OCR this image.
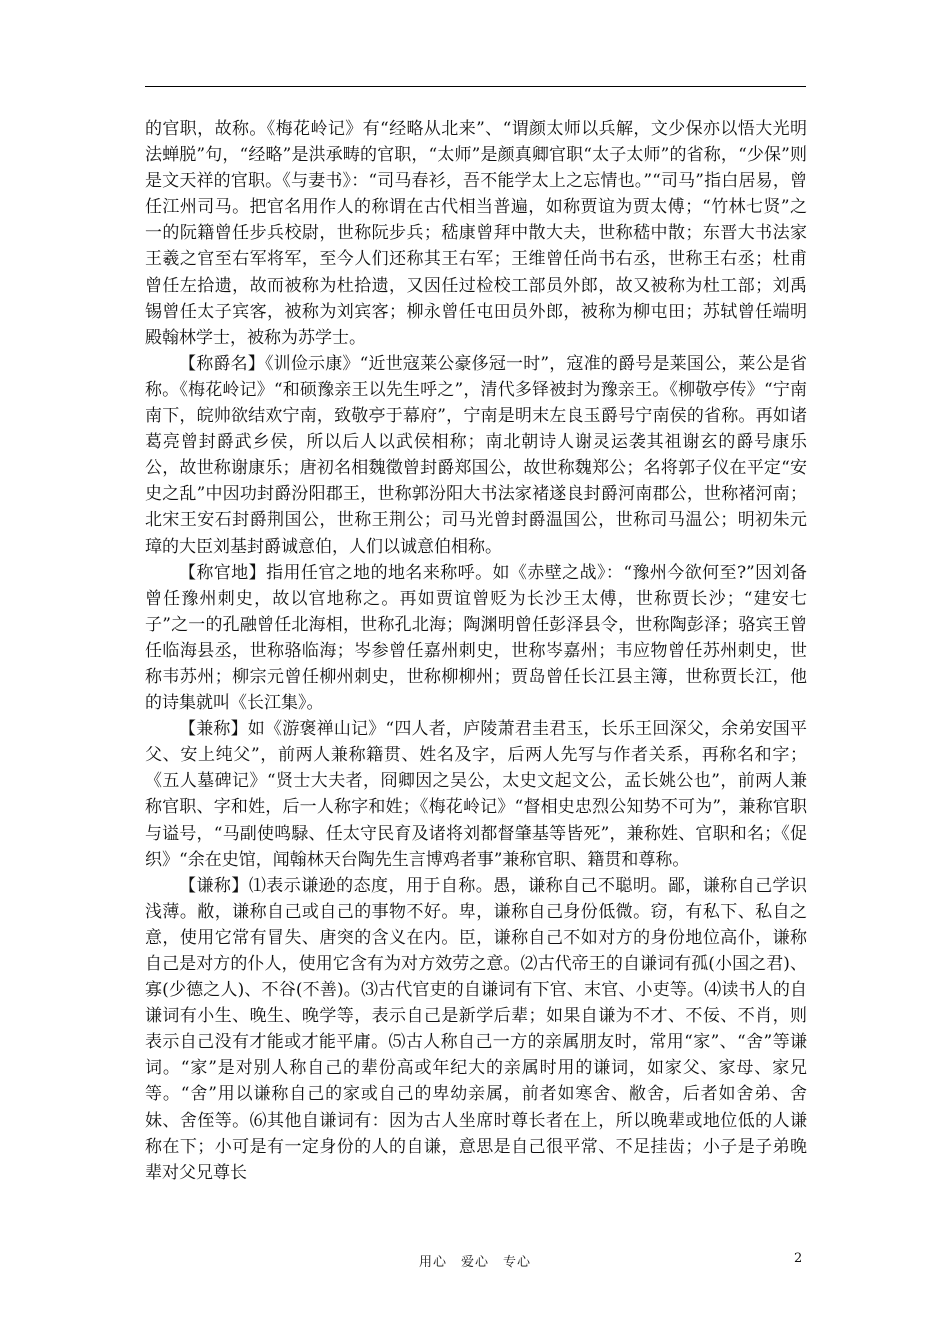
的官职，故称。《梅花岭记》有“经略从北来”、“谓颜太师以兵解，文少保亦以悟大光明法蝉脱”句，“经略”是洪承畴的官职，“太师”是颜真卿官职“太子太师”的省称，“少保”则是文天祥的官职。《与妻书》：“司马春衫，吾不能学太上之忘情也。”“司马”指白居易，曾任江州司马。把官名用作人的称谓在古代相当普遍，如称贾谊为贾太傅；“竹林七贤”之一的阮籍曾任步兵校尉，世称阮步兵；嵇康曾拜中散大夫，世称嵇中散；东晋大书法家王羲之官至右军将军，至今人们还称其王右军；王维曾任尚书右丞，世称王右丞；杜甫曾任左拾遗，故而被称为杜拾遗，又因任过检校工部员外郎，故又被称为杜工部；刘禹锡曾任太子宾客，被称为刘宾客；柳永曾任屯田员外郎，被称为柳屯田；苏轼曾任端明殿翰林学士，被称为苏学士。

【称爵名】《训俭示康》“近世寇莱公豪侈冠一时”，寇准的爵号是莱国公，莱公是省称。《梅花岭记》“和硕豫亲王以先生呼之”，清代多铎被封为豫亲王。《柳敬亭传》“宁南南下，皖帅欲结欢宁南，致敬亭于幕府”，宁南是明末左良玉爵号宁南侯的省称。再如诸葛亮曾封爵武乡侯，所以后人以武侯相称；南北朝诗人谢灵运袭其祖谢玄的爵号康乐公，故世称谢康乐；唐初名相魏徵曾封爵郑国公，故世称魏郑公；名将郭子仪在平定“安史之乱”中因功封爵汾阳郡王，世称郭汾阳大书法家褚遂良封爵河南郡公，世称褚河南；北宋王安石封爵荆国公，世称王荆公；司马光曾封爵温国公，世称司马温公；明初朱元璋的大臣刘基封爵诚意伯，人们以诚意伯相称。

【称官地】指用任官之地的地名来称呼。如《赤壁之战》：“豫州今欲何至?”因刘备曾任豫州刺史，故以官地称之。再如贾谊曾贬为长沙王太傅，世称贾长沙；“建安七子”之一的孔融曾任北海相，世称孔北海；陶渊明曾任彭泽县令，世称陶彭泽；骆宾王曾任临海县丞，世称骆临海；岑参曾任嘉州刺史，世称岑嘉州；韦应物曾任苏州刺史，世称韦苏州；柳宗元曾任柳州刺史，世称柳柳州；贾岛曾任长江县主簿，世称贾长江，他的诗集就叫《长江集》。

【兼称】如《游褒禅山记》“四人者，庐陵萧君圭君玉，长乐王回深父，余弟安国平父、安上纯父”，前两人兼称籍贯、姓名及字，后两人先写与作者关系，再称名和字；《五人墓碑记》“贤士大夫者，冏卿因之吴公，太史文起文公，孟长姚公也”，前两人兼称官职、字和姓，后一人称字和姓；《梅花岭记》“督相史忠烈公知势不可为”，兼称官职与谥号，“马副使鸣騄、任太守民育及诸将刘都督肇基等皆死”，兼称姓、官职和名；《促织》“余在史馆，闻翰林天台陶先生言博鸡者事”兼称官职、籍贯和尊称。

【谦称】⑴表示谦逊的态度，用于自称。愚，谦称自己不聪明。鄙，谦称自己学识浅薄。敝，谦称自己或自己的事物不好。卑，谦称自己身份低微。窃，有私下、私自之意，使用它常有冒失、唐突的含义在内。臣，谦称自己不如对方的身份地位高仆，谦称自己是对方的仆人，使用它含有为对方效劳之意。⑵古代帝王的自谦词有孤(小国之君)、寡(少德之人)、不谷(不善)。⑶古代官吏的自谦词有下官、末官、小吏等。⑷读书人的自谦词有小生、晚生、晚学等，表示自己是新学后辈；如果自谦为不才、不佞、不肖，则表示自己没有才能或才能平庸。⑸古人称自己一方的亲属朋友时，常用“家”、“舍”等谦词。“家”是对别人称自己的辈份高或年纪大的亲属时用的谦词，如家父、家母、家兄等。“舍”用以谦称自己的家或自己的卑幼亲属，前者如寒舍、敝舍，后者如舍弟、舍妹、舍侄等。⑹其他自谦词有：因为古人坐席时尊长者在上，所以晚辈或地位低的人谦称在下；小可是有一定身份的人的自谦，意思是自己很平常、不足挂齿；小子是子弟晚辈对父兄尊长

用心　爱心　专心	2
